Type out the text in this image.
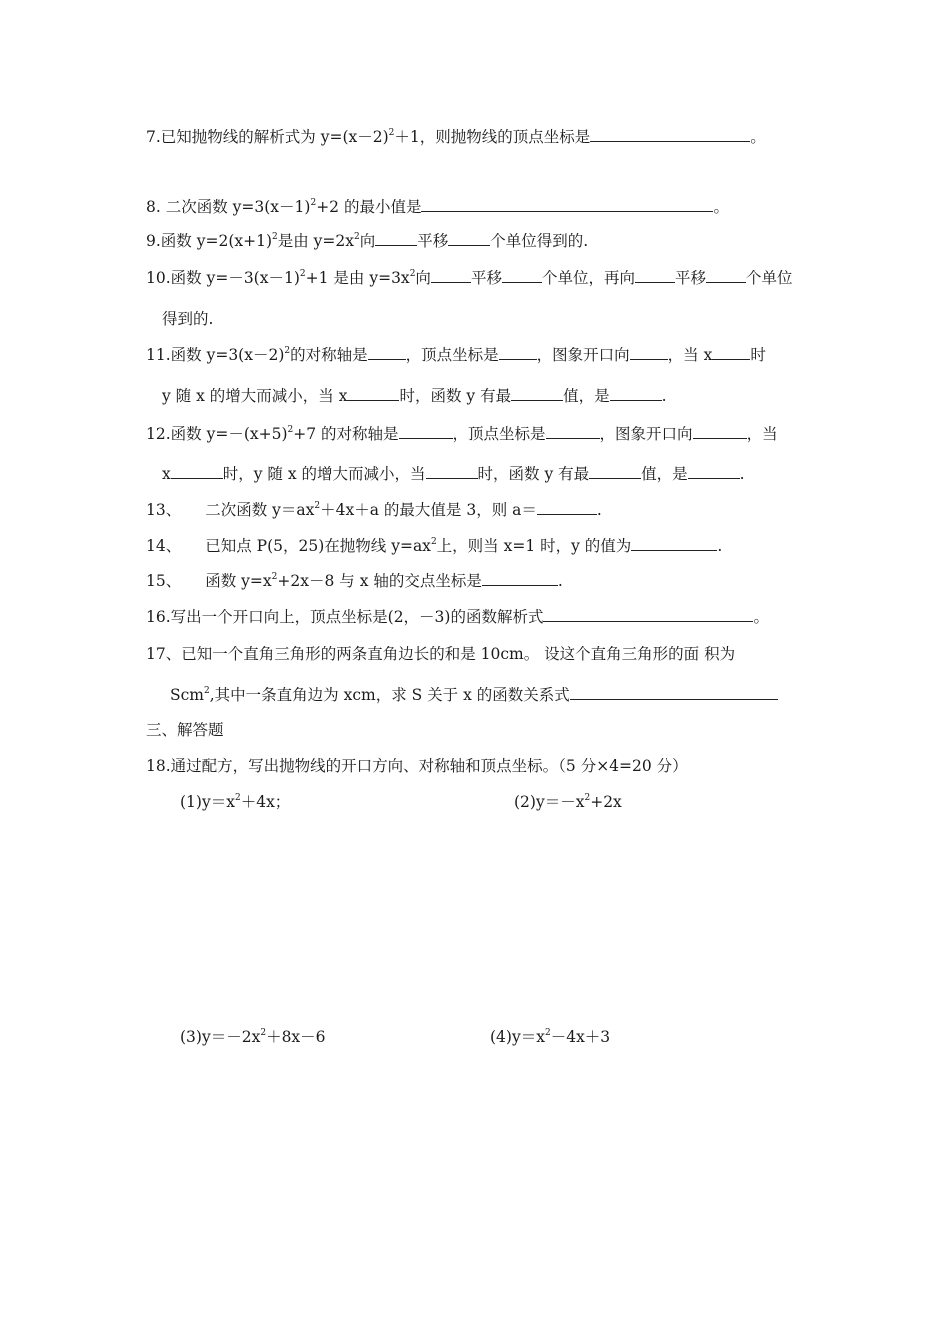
7.已知抛物线的解析式为 $y=(x-2)^2+1$，则抛物线的顶点坐标是	。
8. 二次函数 $y=3(x-1)^2+2$ 的最小值是	。
9.函数 $y=2(x+1)^2$是由 $y=2x^2$向	平移	个单位得到的.
10.函数 $y=-3(x-1)^2+1$ 是由 $y=3x^2$向	平移	个单位，再向	平移	个单位
得到的.
11.函数 $y=3(x-2)^2$的对称轴是 ，顶点坐标是 ，图象开口向 ，当 x 时
y 随 x 的增大而减小，当 x	时，函数 y 有最	值，是	.
12.函数 $y=-(x+5)^2+7$ 的对称轴是	，顶点坐标是	，图象开口向	，当
x	时，y 随 x 的增大而减小，当	时，函数 y 有最	值，是	.
13、 二次函数 $y=ax^2+4x+a$ 的最大值是 3，则 a＝	.
14、 已知点 P(5，25)在抛物线 $y=ax^2$上，则当 x=1 时，y 的值为	.
15、 函数 $y=x^2+2x-8$ 与 x 轴的交点坐标是	.
16.写出一个开口向上，顶点坐标是(2，－3)的函数解析式	。
17、已知一个直角三角形的两条直角边长的和是 10cm。 设这个直角三角形的面 积为
Scm$^2$,其中一条直角边为 xcm，求 S 关于 x 的函数关系式
三、解答题
18.通过配方，写出抛物线的开口方向、对称轴和顶点坐标。（5 分×4=20 分）
$(1)y=x^2+4x$；	$(2)y=-x^2+2x$
$(3)y=-2x^2+8x-6$	$(4)y=x^2-4x+3$
